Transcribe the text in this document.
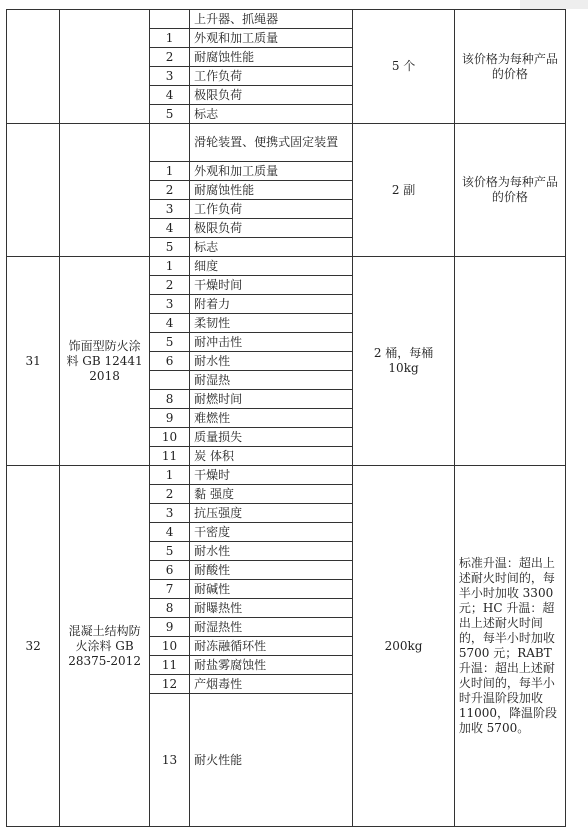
			上升器、抓绳器	5 个	该价格为每种产品的价格
		1	外观和加工质量		
		2	耐腐蚀性能		
		3	工作负荷		
		4	极限负荷		
		5	标志		
			滑轮装置、便携式固定装置	2 副	该价格为每种产品的价格
		1	外观和加工质量		
		2	耐腐蚀性能		
		3	工作负荷		
		4	极限负荷		
		5	标志		
31	饰面型防火涂料 GB 12441 2018	1	细度	2 桶，每桶 10kg	
		2	干燥时间		
		3	附着力		
		4	柔韧性		
		5	耐冲击性		
		6	耐水性		
			耐湿热		
		8	耐燃时间		
		9	难燃性		
		10	质量损失		
		11	炭 体积		
32	混凝土结构防火涂料 GB 28375-2012	1	干燥时	200kg	标准升温：超出上述耐火时间的，每半小时加收 3300 元；HC 升温：超出上述耐火时间的，每半小时加收 5700 元；RABT 升温：超出上述耐火时间的，每半小时升温阶段加收 11000，降温阶段加收 5700。
		2	黏 强度		
		3	抗压强度		
		4	干密度		
		5	耐水性		
		6	耐酸性		
		7	耐碱性		
		8	耐曝热性		
		9	耐湿热性		
		10	耐冻融循环性		
		11	耐盐雾腐蚀性		
		12	产烟毒性		
		13	耐火性能		
